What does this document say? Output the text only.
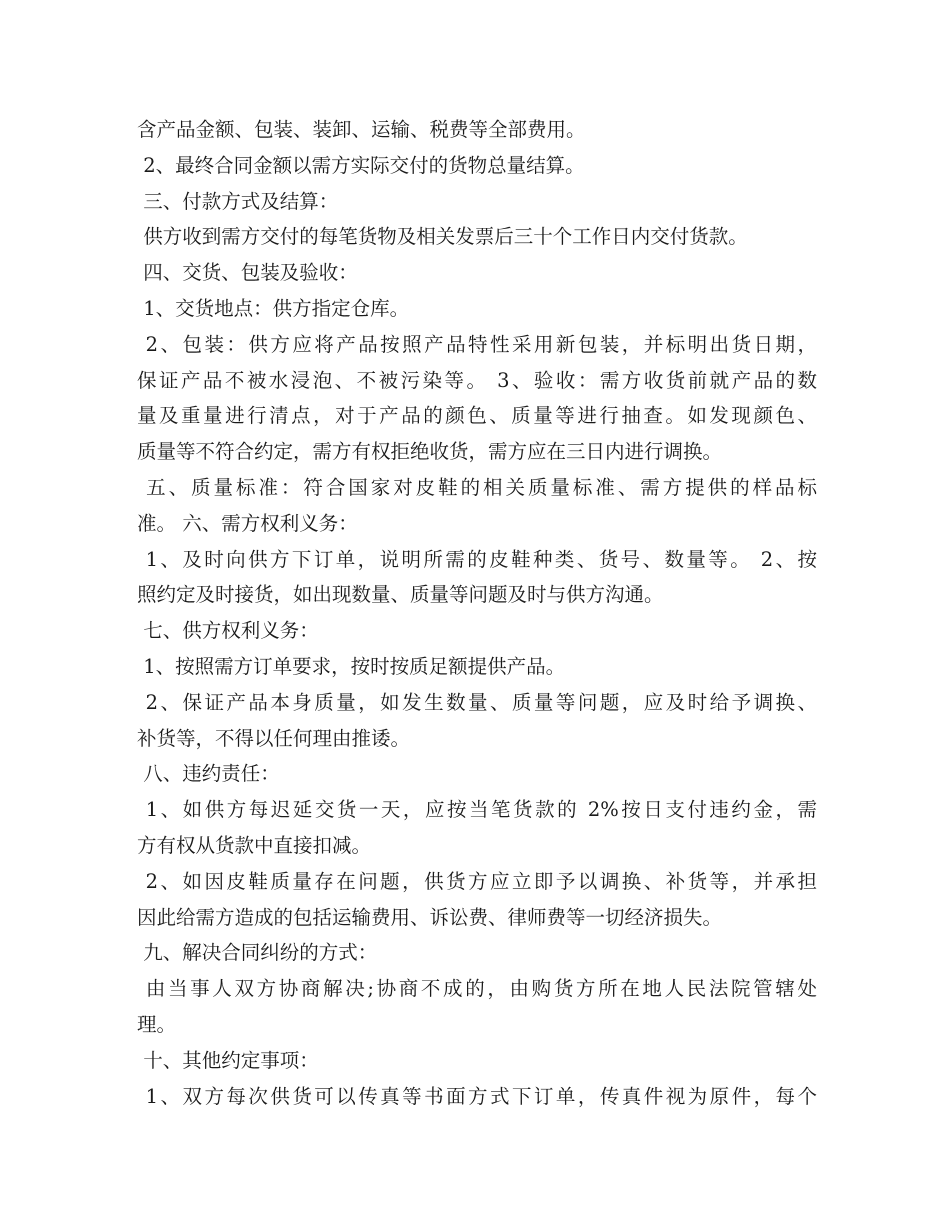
含产品金额、包装、装卸、运输、税费等全部费用。
2、最终合同金额以需方实际交付的货物总量结算。
三、付款方式及结算：
供方收到需方交付的每笔货物及相关发票后三十个工作日内交付货款。
四、交货、包装及验收：
1、交货地点：供方指定仓库。
2、包装：供方应将产品按照产品特性采用新包装，并标明出货日期，
保证产品不被水浸泡、不被污染等。 3、验收：需方收货前就产品的数
量及重量进行清点，对于产品的颜色、质量等进行抽查。如发现颜色、
质量等不符合约定，需方有权拒绝收货，需方应在三日内进行调换。
五、质量标准：符合国家对皮鞋的相关质量标准、需方提供的样品标
准。 六、需方权利义务：
1、及时向供方下订单，说明所需的皮鞋种类、货号、数量等。 2、按
照约定及时接货，如出现数量、质量等问题及时与供方沟通。
七、供方权利义务：
1、按照需方订单要求，按时按质足额提供产品。
2、保证产品本身质量，如发生数量、质量等问题，应及时给予调换、
补货等，不得以任何理由推诿。
八、违约责任：
1、如供方每迟延交货一天，应按当笔货款的 2%按日支付违约金，需
方有权从货款中直接扣减。
2、如因皮鞋质量存在问题，供货方应立即予以调换、补货等，并承担
因此给需方造成的包括运输费用、诉讼费、律师费等一切经济损失。
九、解决合同纠纷的方式：
由当事人双方协商解决;协商不成的，由购货方所在地人民法院管辖处
理。
十、其他约定事项：
1、双方每次供货可以传真等书面方式下订单，传真件视为原件，每个
